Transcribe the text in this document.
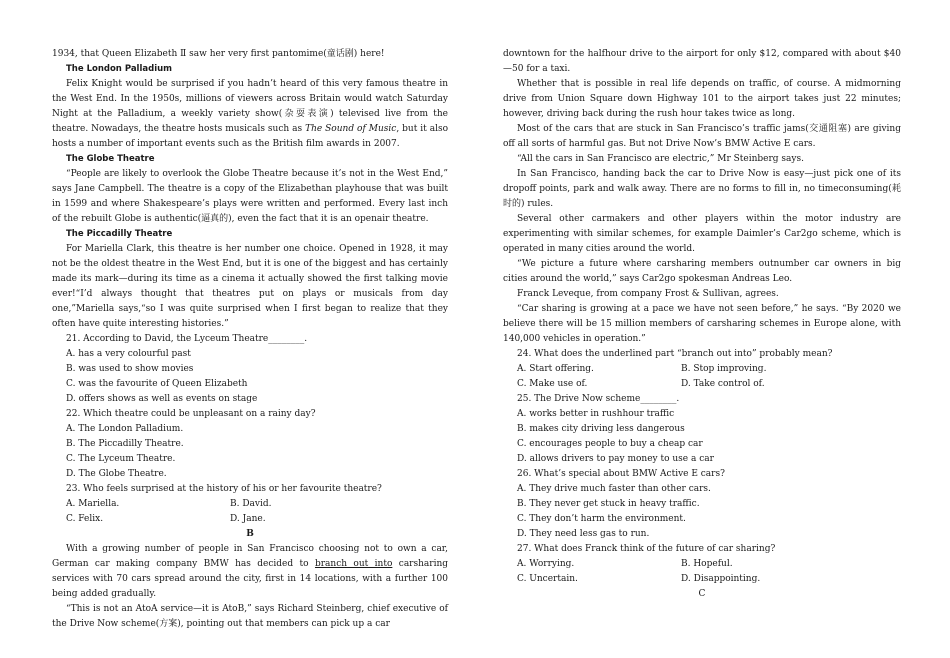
1934, that Queen Elizabeth Ⅱ saw her very first pantomime(童话剧) here!

The London Palladium

Felix Knight would be surprised if you hadn’t heard of this very famous theatre in the West End. In the 1950s, millions of viewers across Britain would watch Saturday Night at the Palladium, a weekly variety show(杂耍表演) televised live from the theatre. Nowadays, the theatre hosts musicals such as The Sound of Music, but it also hosts a number of important events such as the British film awards in 2007.

The Globe Theatre

“People are likely to overlook the Globe Theatre because it’s not in the West End,” says Jane Campbell. The theatre is a copy of the Elizabethan playhouse that was built in 1599 and where Shakespeare’s plays were written and performed. Every last inch of the rebuilt Globe is authentic(逼真的), even the fact that it is an openair theatre.

The Piccadilly Theatre

For Mariella Clark, this theatre is her number one choice. Opened in 1928, it may not be the oldest theatre in the West End, but it is one of the biggest and has certainly made its mark—during its time as a cinema it actually showed the first talking movie ever!“I’d always thought that theatres put on plays or musicals from day one,”Mariella says,“so I was quite surprised when I first began to realize that they often have quite interesting histories.”

21. According to David, the Lyceum Theatre________.

A. has a very colourful past

B. was used to show movies

C. was the favourite of Queen Elizabeth

D. offers shows as well as events on stage

22. Which theatre could be unpleasant on a rainy day?

A. The London Palladium.

B. The Piccadilly Theatre.

C. The Lyceum Theatre.

D. The Globe Theatre.

23. Who feels surprised at the history of his or her favourite theatre?

A. Mariella.	B. David.
C. Felix.	D. Jane.

B

With a growing number of people in San Francisco choosing not to own a car, German car making company BMW has decided to branch out into carsharing services with 70 cars spread around the city, first in 14 locations, with a further 100 being added gradually.

“This is not an AtoA service—it is AtoB,” says Richard Steinberg, chief executive of the Drive Now scheme(方案), pointing out that members can pick up a car

downtown for the halfhour drive to the airport for only $12, compared with about $40—50 for a taxi.

Whether that is possible in real life depends on traffic, of course. A midmorning drive from Union Square down Highway 101 to the airport takes just 22 minutes; however, driving back during the rush hour takes twice as long.

Most of the cars that are stuck in San Francisco’s traffic jams(交通阻塞) are giving off all sorts of harmful gas. But not Drive Now’s BMW Active E cars.

“All the cars in San Francisco are electric,” Mr Steinberg says.

In San Francisco, handing back the car to Drive Now is easy—just pick one of its dropoff points, park and walk away. There are no forms to fill in, no timeconsuming(耗时的) rules.

Several other carmakers and other players within the motor industry are experimenting with similar schemes, for example Daimler’s Car2go scheme, which is operated in many cities around the world.

“We picture a future where carsharing members outnumber car owners in big cities around the world,” says Car2go spokesman Andreas Leo.

Franck Leveque, from company Frost & Sullivan, agrees.

“Car sharing is growing at a pace we have not seen before,” he says. “By 2020 we believe there will be 15 million members of carsharing schemes in Europe alone, with 140,000 vehicles in operation.”

24. What does the underlined part “branch out into” probably mean?

A. Start offering.	B. Stop improving.
C. Make use of.	D. Take control of.

25. The Drive Now scheme________.

A. works better in rushhour traffic

B. makes city driving less dangerous

C. encourages people to buy a cheap car

D. allows drivers to pay money to use a car

26. What’s special about BMW Active E cars?

A. They drive much faster than other cars.

B. They never get stuck in heavy traffic.

C. They don’t harm the environment.

D. They need less gas to run.

27. What does Franck think of the future of car sharing?

A. Worrying.	B. Hopeful.
C. Uncertain.	D. Disappointing.

C
